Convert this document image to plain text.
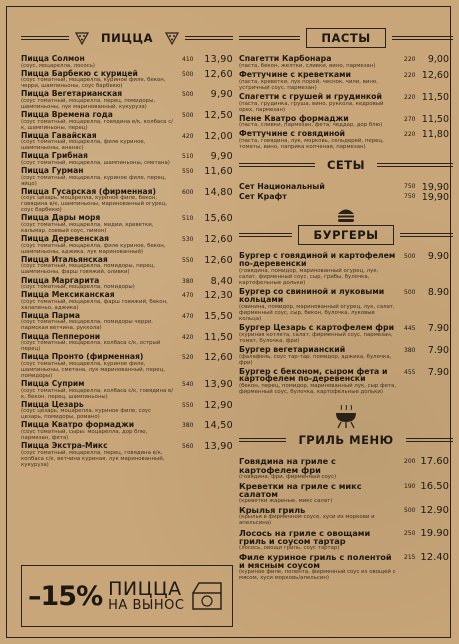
ПИЦЦА
Пицца Солмон
(соус, моцарелла, лосось)
410 13,90
Пицца Барбекю с курицей
(соус томатный, моцарелла, куриное филе, бекон, черри, шампиньоны, соус барбекю)
500 12,60
Пицца Вегетарианская
(соус томатный, моцарелла, перец, помидоры, шампиньоны, лук маринованный, кукуруза)
500 9,90
Пицца Времена года
(соус томатный, моцарелла, говядина в/к, колбаса с/к, шампиньоны, перец)
500 12,50
Пицца Гавайская
(соус томатный, моцарелла, филе куриное, шампиньоны, ананас)
420 12,00
Пицца Грибная
(соус томатный, моцарелла, шампиньоны, сметана)
510 9,90
Пицца Гурман
(соус томатный, моцарелла, куриное филе, перец, яйцо)
550 11,60
Пицца Гусарская (фирменная)
(соус цезарь, моцарелла, куриное филе, бекон, говядина в/к, шампиньоны, маринованный огурец, соус барбекю)
600 14,80
Пицца Дары моря
(соус томатный, моцарелла, мидии, креветки, кальмар, соевый соус, лимон)
510 15,60
Пицца Деревенская
(соус томатный, моцарелла, филе куриное, бекон, шампиньоны, аджика, лук маринованный)
530 12,60
Пицца Итальянская
(соус томатный, моцарелла, помидоры, перец, шампиньоны, фарш говяжий, оливки)
550 12,60
Пицца Маргарита
(соус томатный, моцарелла, помидоры)
380 8,40
Пицца Мексиканская
(соус томатный, моцарелла, фарш говяжий, бекон, халапеньо, аджика)
470 12,30
Пицца Парма
(соус томатный, моцарелла, помидоры черри, пармская ветчина, руккола)
470 15,50
Пицца Пепперони
(соус томатный, моцарелла, колбаса с/к, острый перец)
420 11,50
Пицца Пронто (фирменная)
(соус томатный, моцарелла, куриное филе, шампиньоны, сметана, лук маринованный, перец, помидоры)
520 12,60
Пицца Суприм
(соус томатный, моцарелла, колбаса с/к, говядина в/к, бекон, перец, шампиньоны)
540 13,90
Пицца Цезарь
(соус цезарь, моцарелла, куриное филе, соус цезарь, помидоры, романо)
550 12,90
Пицца Кватро формаджи
(соус томатный, сыры: моцарелла, дор блю, пармезан, фета)
380 14,50
Пицца Экстра-Микс
(соус томатный, моцарелла, перец, говядина в/к, колбаса с/к, ветчина куриная, лук маринованный, кукуруза)
560 13,90
–15% ПИЦЦА
НА ВЫНОС
ПАСТЫ
Спагетти Карбонара
(паста, бекон, желтки, сливки, вино, пармезан)
220 9,00
Феттучине с креветками
(паста, креветки, лук порей, чеснок, чили, вино, устричный соус, пармезан)
220 12,60
Спагетти с грушей и грудинкой
(паста, грудинка, груша, вино, руккола, кедровый орех, пармезан)
220 11,50
Пене Кватро формаджи
(паста, сливки, пармезан, фета, чеддар, дор блю)
270 11,50
Феттучине с говядиной
(паста, говядина, лук, морковь, сельдерей, перец, томаты, вино, паприка копченая, пармезан)
220 11,80
СЕТЫ
Сет Национальный	750 19,90
Сет Крафт	750 19,90
БУРГЕРЫ
Бургер с говядиной и картофелем по-деревенски
(говядина, помидор, маринованный огурец, лук, салат, фирменный соус, сыр, грибы, булочка, картофельные дольки)
500 9.90
Бургер со свининой и луковыми кольцами
(свинина, помидор, маринованный огурец, лук, салат, фирменный соус, сыр, бекон, булочка, луковые кольца)
500 8.90
Бургер Цезарь с картофелем фри
(куриная котлета, салат, фирменный соус, пармезан, томат, булочка, фри)
445 7.90
Бургер вегетарианский
(фалафель, соус тар-тар, помидор, аджика, булочка, фри)
380 7.90
Бургер с беконом, сыром фета и картофелем по-деревенски
(бекон, перец, помидор, маринованный лук, сыр фета, фирменный соус, булочка, картофельные дольки)
455 7.90
ГРИЛЬ МЕНЮ
Говядина на гриле с картофелем фри
(говядина, фри, фирменный соус)
200 17.60
Креветки на гриле с микс салатом
(креветки жареные, микс салат)
190 16.50
Крылья гриль
(крылья в фирменном соусе, хуси из моркови и апельсина)
500 12.90
Лосось на гриле с овощами гриль и соусом тартар
(лосось, овощи гриль, соус тартар)
250 19.90
Филе куриное гриль с полентой и мясным соусом
(куриное филе, полента, фирменный соус из овощей с мясом, хуси морковь/апельсин)
215 12.40
